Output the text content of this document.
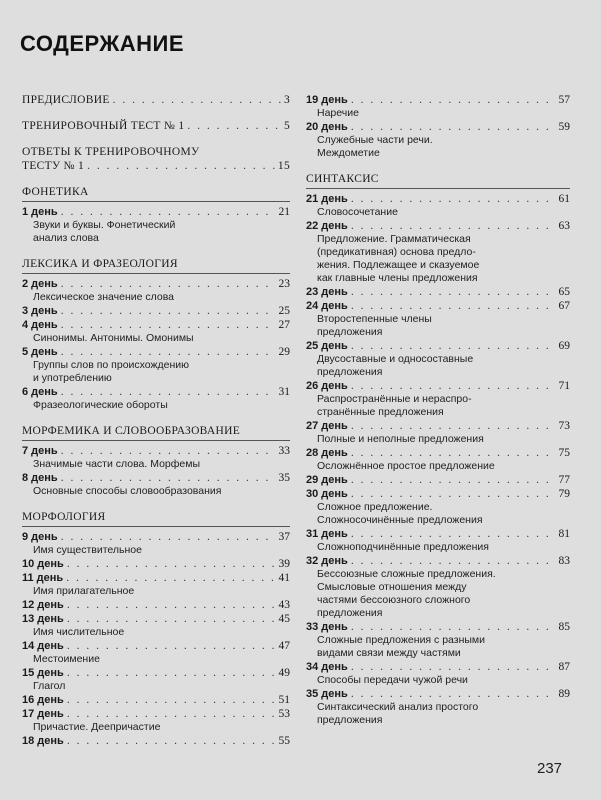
СОДЕРЖАНИЕ
ПРЕДИСЛОВИЕ . . .	3
ТРЕНИРОВОЧНЫЙ ТЕСТ № 1 . . .	5
ОТВЕТЫ К ТРЕНИРОВОЧНОМУ
ТЕСТУ № 1 . . .	15
ФОНЕТИКА
1 день . . .	21
Звуки и буквы. Фонетический
анализ слова
ЛЕКСИКА И ФРАЗЕОЛОГИЯ
2 день . . .	23
Лексическое значение слова
3 день . . .	25
4 день . . .	27
Синонимы. Антонимы. Омонимы
5 день . . .	29
Группы слов по происхождению
и употреблению
6 день . . .	31
Фразеологические обороты
МОРФЕМИКА И СЛОВООБРАЗОВАНИЕ
7 день . . .	33
Значимые части слова. Морфемы
8 день . . .	35
Основные способы словообразования
МОРФОЛОГИЯ
9 день . . .	37
Имя существительное
10 день . . .	39
11 день . . .	41
Имя прилагательное
12 день . . .	43
13 день . . .	45
Имя числительное
14 день . . .	47
Местоимение
15 день . . .	49
Глагол
16 день . . .	51
17 день . . .	53
Причастие. Деепричастие
18 день . . .	55
19 день . . .	57
Наречие
20 день . . .	59
Служебные части речи.
Междометие
СИНТАКСИС
21 день . . .	61
Словосочетание
22 день . . .	63
Предложение. Грамматическая
(предикативная) основа предло-
жения. Подлежащее и сказуемое
как главные члены предложения
23 день . . .	65
24 день . . .	67
Второстепенные члены
предложения
25 день . . .	69
Двусоставные и односоставные
предложения
26 день . . .	71
Распространённые и нераспро-
странённые предложения
27 день . . .	73
Полные и неполные предложения
28 день . . .	75
Осложнённое простое предложение
29 день . . .	77
30 день . . .	79
Сложное предложение.
Сложносочинённые предложения
31 день . . .	81
Сложноподчинённые предложения
32 день . . .	83
Бессоюзные сложные предложения.
Смысловые отношения между
частями бессоюзного сложного
предложения
33 день . . .	85
Сложные предложения с разными
видами связи между частями
34 день . . .	87
Способы передачи чужой речи
35 день . . .	89
Синтаксический анализ простого
предложения
237
